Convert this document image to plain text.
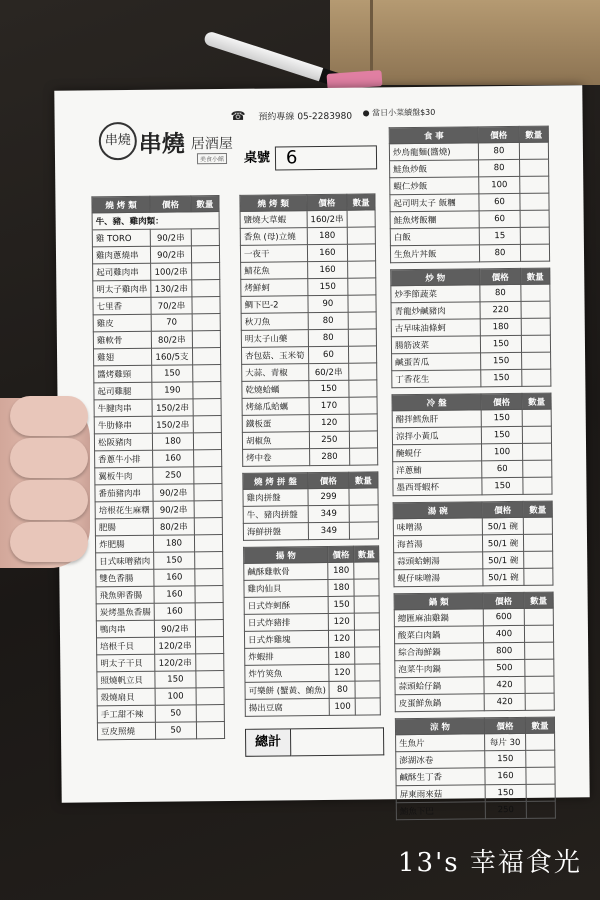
串燒 串燒 居酒屋
美食小館
☎ 預約專線 05-2283980 ● 當日小菜續盤$30
桌號 6
燒 烤 類	價格	數量
牛、豬、雞肉類：		
雞 TORO	90/2串	
雞肉蔥燒串	90/2串	
起司雞肉串	100/2串	
明太子雞肉串	130/2串	
七里香	70/2串	
雞皮	70	
雞軟骨	80/2串	
雞翅	160/5支	
醬烤雞頸	150	
起司雞腿	190	
牛腱肉串	150/2串	
牛肋條串	150/2串	
松阪豬肉	180	
香蔥牛小排	160	
翼板牛肉	250	
番茄豬肉串	90/2串	
培根花生麻糬	90/2串	
肥腸	80/2串	
炸肥腸	180	
日式味噌豬肉	150	
雙色香腸	160	
飛魚卵香腸	160	
炭烤墨魚香腸	160	
鴨肉串	90/2串	
培根千貝	120/2串	
明太子干貝	120/2串	
照燒帆立貝	150	
殼燒扇貝	100	
手工甜不辣	50	
豆皮照燒	50	
燒 烤 類	價格	數量
鹽燒大草蝦	160/2串	
香魚 (母)立燒	180	
一夜干	160	
鯖花魚	160	
烤鮮蚵	150	
鯛下巴-2	90	
秋刀魚	80	
明太子山藥	80	
杏包菇、玉米筍	60	
大蒜、青椒	60/2串	
乾燒蛤蠣	150	
烤絲瓜蛤蠣	170	
鐵板蛋	120	
胡椒魚	250	
烤中卷	280	
燒 烤 拼 盤	價格	數量
雞肉拼盤	299	
牛、豬肉拼盤	349	
海鮮拼盤	349	
揚 物	價格	數量
鹹酥雞軟骨	180	
雞肉仙貝	180	
日式炸蚵酥	150	
日式炸豬排	120	
日式炸雞塊	120	
炸蝦排	180	
炸竹筴魚	120	
可樂餅 (蟹黃、鮪魚)	80	
揚出豆腐	100	
食 事	價格	數量
炒烏龍麵(醬燒)	80	
鮭魚炒飯	80	
蝦仁炒飯	100	
起司明太子 飯糰	60	
鮭魚烤飯糰	60	
白飯	15	
生魚片丼飯	80	
炒 物	價格	數量
炒季節蔬菜	80	
青龍炒鹹豬肉	220	
古早味油條蚵	180	
腸筋波菜	150	
鹹蛋苦瓜	150	
丁香花生	150	
冷 盤	價格	數量
醋拌鱈魚肝	150	
涼拌小黃瓜	150	
醃蜆仔	100	
洋蔥鮪	60	
墨西哥蝦杯	150	
湯 碗	價格	數量
味噌湯	50/1 碗	
海苔湯	50/1 碗	
蒜頭蛤蜊湯	50/1 碗	
蜆仔味噌湯	50/1 碗	
鍋 類	價格	數量
總匯麻油雞鍋	600	
酸菜白肉鍋	400	
綜合海鮮鍋	800	
泡菜牛肉鍋	500	
蒜頭蛤仔鍋	420	
皮蛋鮮魚鍋	420	
涼 物	價格	數量
生魚片	每片 30	
澎湖冰卷	150	
鹹酥生丁香	160	
屏東雨來菇	150	
鮪魚下巴	250	
總計
13's 幸福食光
